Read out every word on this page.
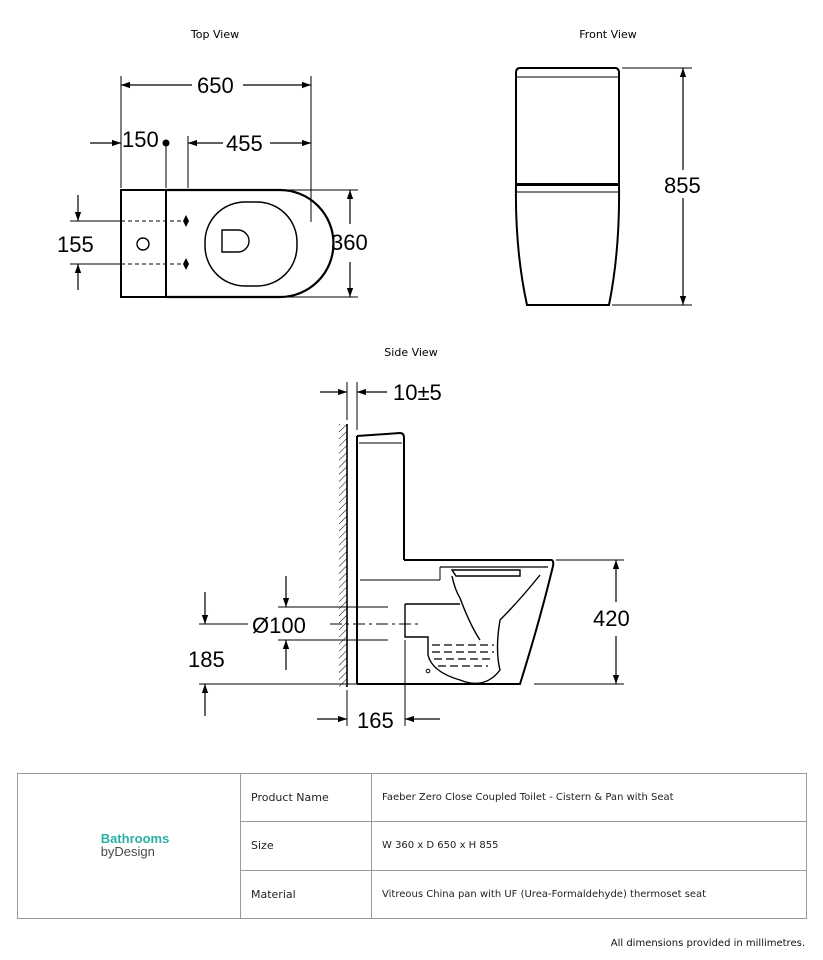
Top View	Front View
Side View
650
150	455
155	360
855
10±5
Ø100
185
420
165
Bathrooms
byDesign	Product Name	Faeber Zero Close Coupled Toilet - Cistern & Pan with Seat
	Size	W 360 x D 650 x H 855
	Material	Vitreous China pan with UF (Urea-Formaldehyde) thermoset seat
All dimensions provided in millimetres.
